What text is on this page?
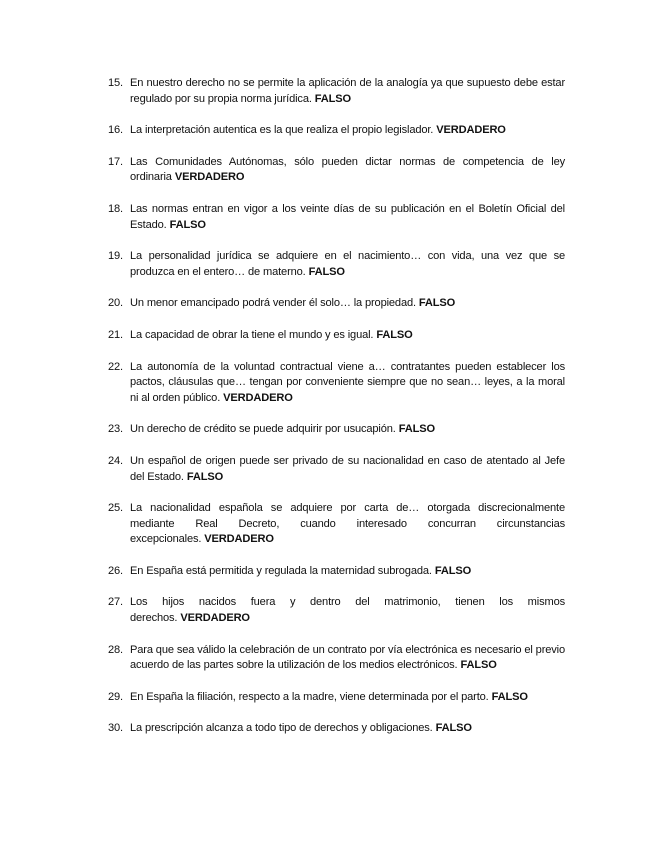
15. En nuestro derecho no se permite la aplicación de la analogía ya que supuesto debe estar regulado por su propia norma jurídica. FALSO
16. La interpretación autentica es la que realiza el propio legislador. VERDADERO
17. Las Comunidades Autónomas, sólo pueden dictar normas de competencia de ley ordinaria VERDADERO
18. Las normas entran en vigor a los veinte días de su publicación en el Boletín Oficial del Estado. FALSO
19. La personalidad jurídica se adquiere en el nacimiento… con vida, una vez que se produzca en el entero… de materno. FALSO
20. Un menor emancipado podrá vender él solo… la propiedad. FALSO
21. La capacidad de obrar la tiene el mundo y es igual. FALSO
22. La autonomía de la voluntad contractual viene a… contratantes pueden establecer los pactos, cláusulas que… tengan por conveniente siempre que no sean… leyes, a la moral ni al orden público. VERDADERO
23. Un derecho de crédito se puede adquirir por usucapión. FALSO
24. Un español de origen puede ser privado de su nacionalidad en caso de atentado al Jefe del Estado. FALSO
25. La nacionalidad española se adquiere por carta de… otorgada discrecionalmente mediante Real Decreto, cuando interesado concurran circunstancias excepcionales. VERDADERO
26. En España está permitida y regulada la maternidad subrogada. FALSO
27. Los hijos nacidos fuera y dentro del matrimonio, tienen los mismos derechos. VERDADERO
28. Para que sea válido la celebración de un contrato por vía electrónica es necesario el previo acuerdo de las partes sobre la utilización de los medios electrónicos. FALSO
29. En España la filiación, respecto a la madre, viene determinada por el parto. FALSO
30. La prescripción alcanza a todo tipo de derechos y obligaciones. FALSO
